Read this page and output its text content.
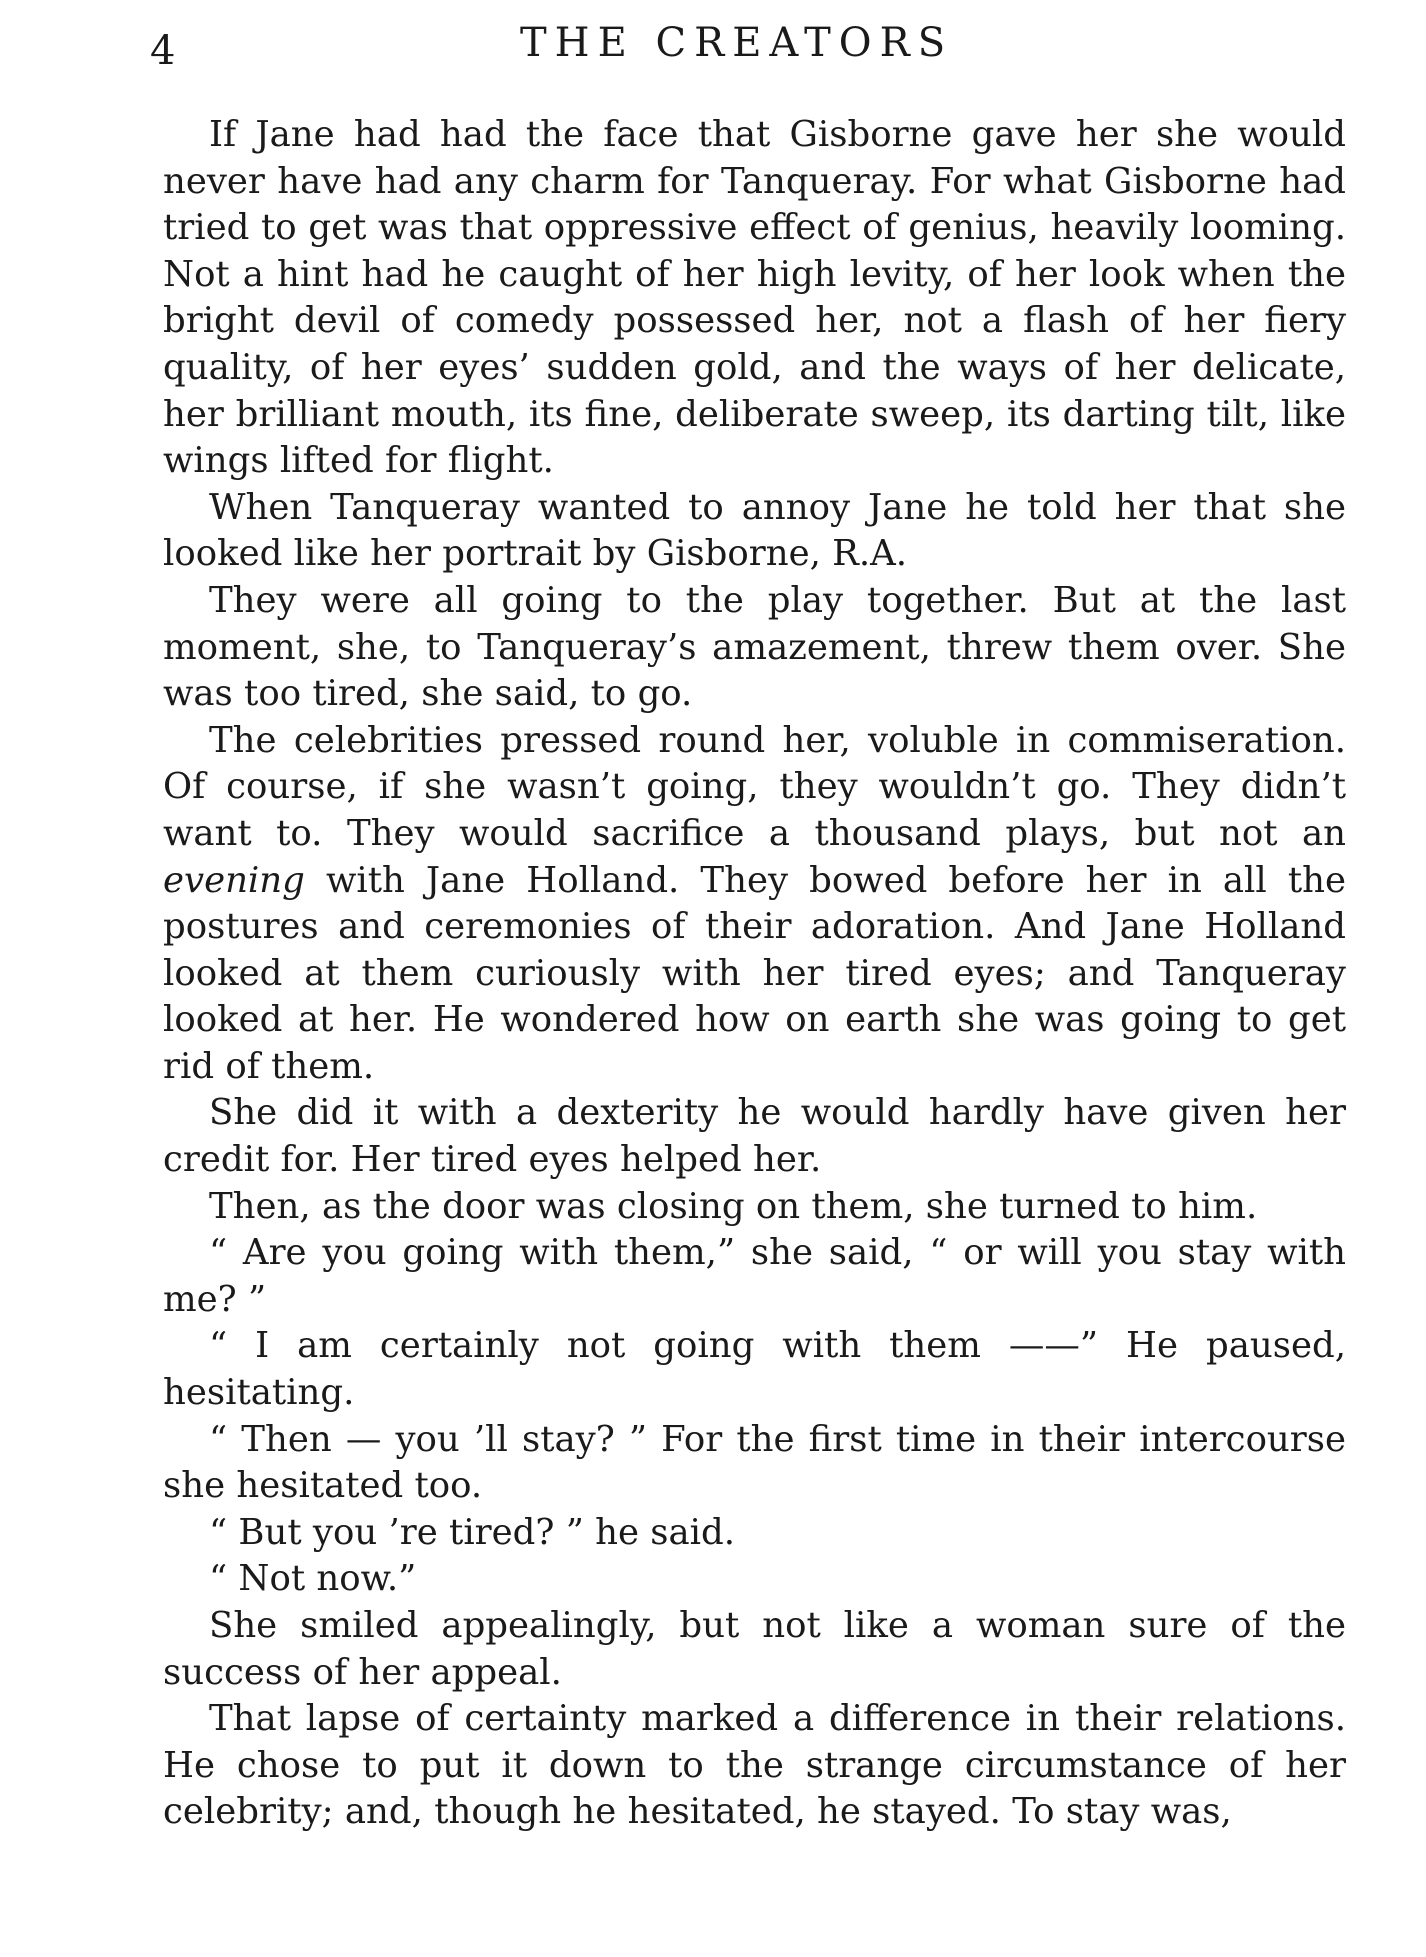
4	THE CREATORS

If Jane had had the face that Gisborne gave her she would never have had any charm for Tanqueray. For what Gisborne had tried to get was that oppressive effect of genius, heavily looming. Not a hint had he caught of her high levity, of her look when the bright devil of comedy possessed her, not a flash of her fiery quality, of her eyes’ sudden gold, and the ways of her delicate, her brilliant mouth, its fine, deliberate sweep, its darting tilt, like wings lifted for flight.

When Tanqueray wanted to annoy Jane he told her that she looked like her portrait by Gisborne, R.A.

They were all going to the play together. But at the last moment, she, to Tanqueray’s amazement, threw them over. She was too tired, she said, to go.

The celebrities pressed round her, voluble in commiseration. Of course, if she wasn’t going, they wouldn’t go. They didn’t want to. They would sacrifice a thousand plays, but not an evening with Jane Holland. They bowed before her in all the postures and ceremonies of their adoration. And Jane Holland looked at them curiously with her tired eyes; and Tanqueray looked at her. He wondered how on earth she was going to get rid of them.

She did it with a dexterity he would hardly have given her credit for. Her tired eyes helped her.

Then, as the door was closing on them, she turned to him.

“ Are you going with them,” she said, “ or will you stay with me? ”

“ I am certainly not going with them ——” He paused, hesitating.

“ Then — you ’ll stay? ” For the first time in their intercourse she hesitated too.

“ But you ’re tired? ” he said.

“ Not now.”

She smiled appealingly, but not like a woman sure of the success of her appeal.

That lapse of certainty marked a difference in their relations. He chose to put it down to the strange circumstance of her celebrity; and, though he hesitated, he stayed. To stay was,
